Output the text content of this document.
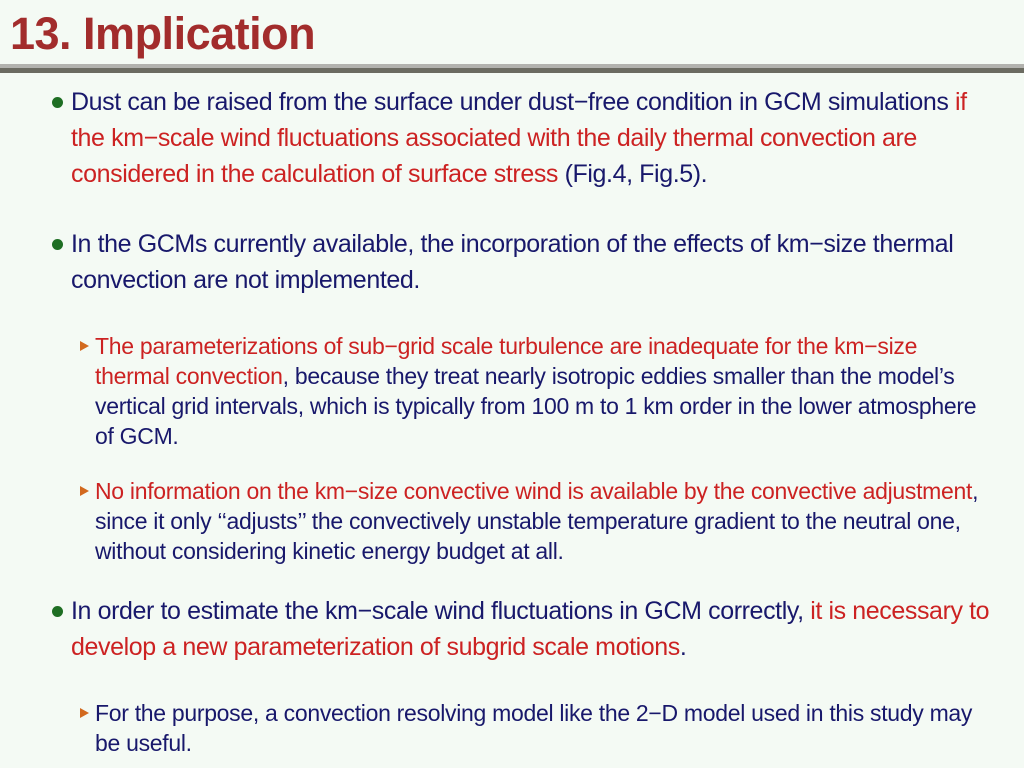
13. Implication

Dust can be raised from the surface under dust−free condition in GCM simulations if the km−scale wind fluctuations associated with the daily thermal convection are considered in the calculation of surface stress (Fig.4, Fig.5).

In the GCMs currently available, the incorporation of the effects of km−size thermal convection are not implemented.

The parameterizations of sub−grid scale turbulence are inadequate for the km−size thermal convection, because they treat nearly isotropic eddies smaller than the model’s vertical grid intervals, which is typically from 100 m to 1 km order in the lower atmosphere of GCM.

No information on the km−size convective wind is available by the convective adjustment, since it only ‘‘adjusts’’ the convectively unstable temperature gradient to the neutral one, without considering kinetic energy budget at all.

In order to estimate the km−scale wind fluctuations in GCM correctly, it is necessary to develop a new parameterization of subgrid scale motions.

For the purpose, a convection resolving model like the 2−D model used in this study may be useful.
